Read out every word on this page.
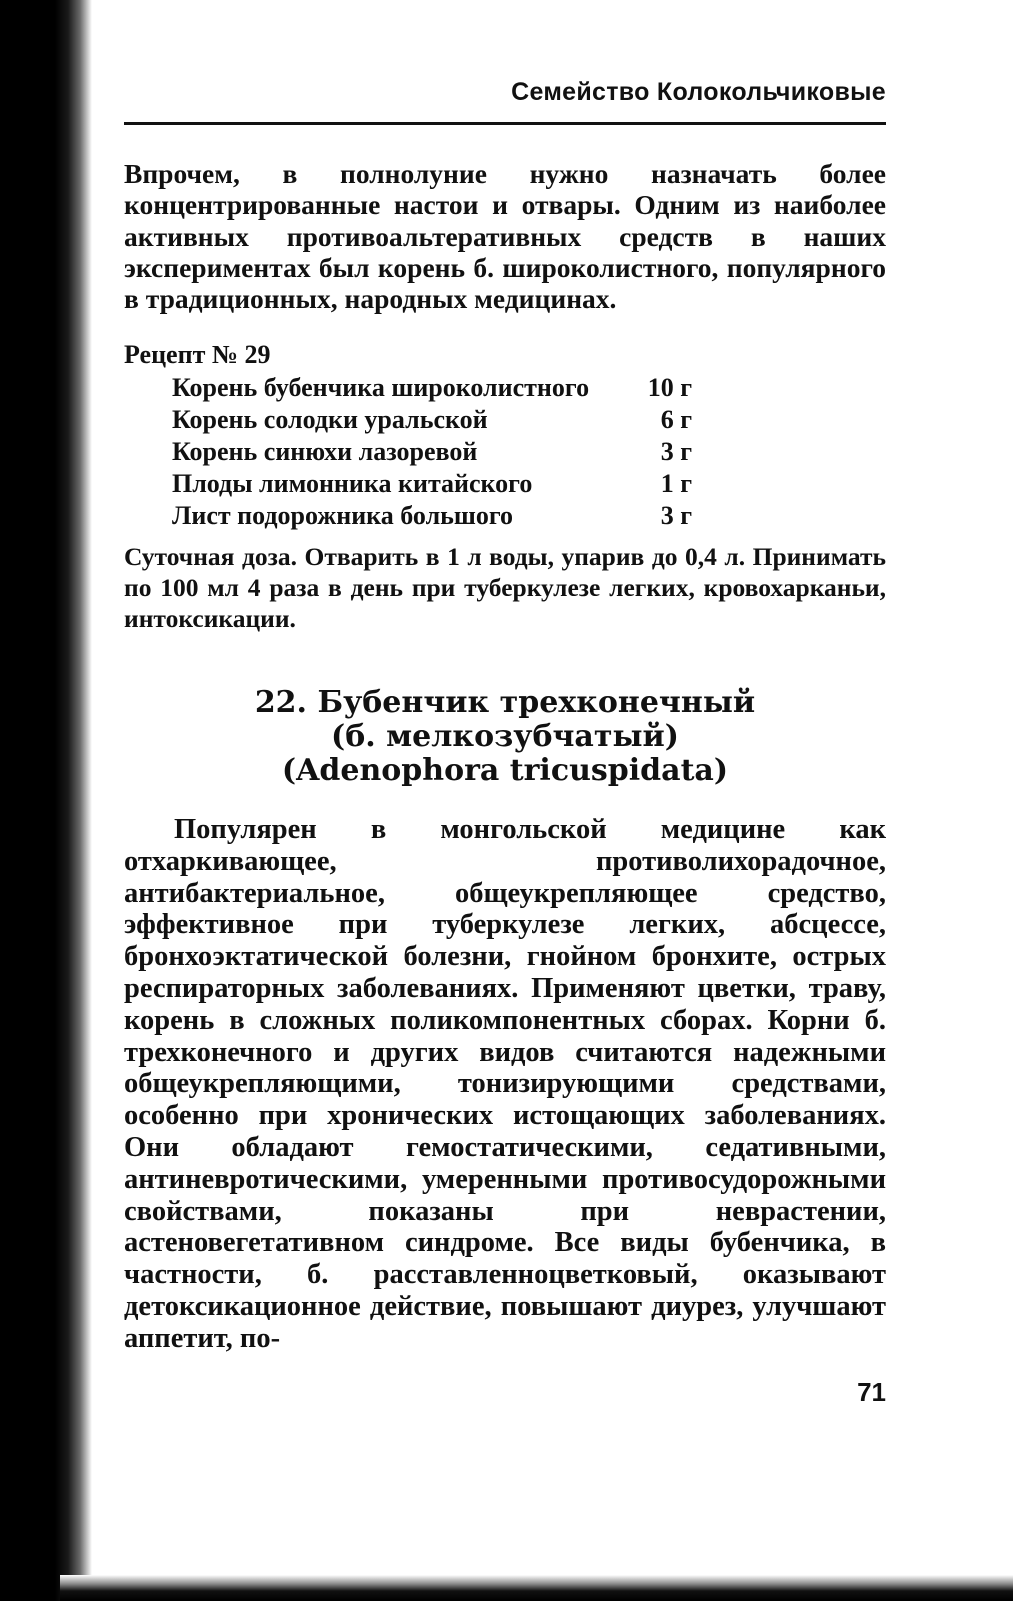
Семейство Колокольчиковые

Впрочем, в полнолуние нужно назначать более концентрированные настои и отвары. Одним из наиболее активных противоальтеративных средств в наших экспериментах был корень б. широколистного, популярного в традиционных, народных медицинах.

Рецепт № 29
Корень бубенчика широколистного	10 г
Корень солодки уральской	6 г
Корень синюхи лазоревой	3 г
Плоды лимонника китайского	1 г
Лист подорожника большого	3 г

Суточная доза. Отварить в 1 л воды, упарив до 0,4 л. Принимать по 100 мл 4 раза в день при туберкулезе легких, кровохарканьи, интоксикации.

22. Бубенчик трехконечный
(б. мелкозубчатый)
(Adenophora tricuspidata)

Популярен в монгольской медицине как отхаркивающее, противолихорадочное, антибактериальное, общеукрепляющее средство, эффективное при туберкулезе легких, абсцессе, бронхоэктатической болезни, гнойном бронхите, острых респираторных заболеваниях. Применяют цветки, траву, корень в сложных поликомпонентных сборах. Корни б. трехконечного и других видов считаются надежными общеукрепляющими, тонизирующими средствами, особенно при хронических истощающих заболеваниях. Они обладают гемостатическими, седативными, антиневротическими, умеренными противосудорожными свойствами, показаны при неврастении, астеновегетативном синдроме. Все виды бубенчика, в частности, б. расставленноцветковый, оказывают детоксикационное действие, повышают диурез, улучшают аппетит, по-

71
